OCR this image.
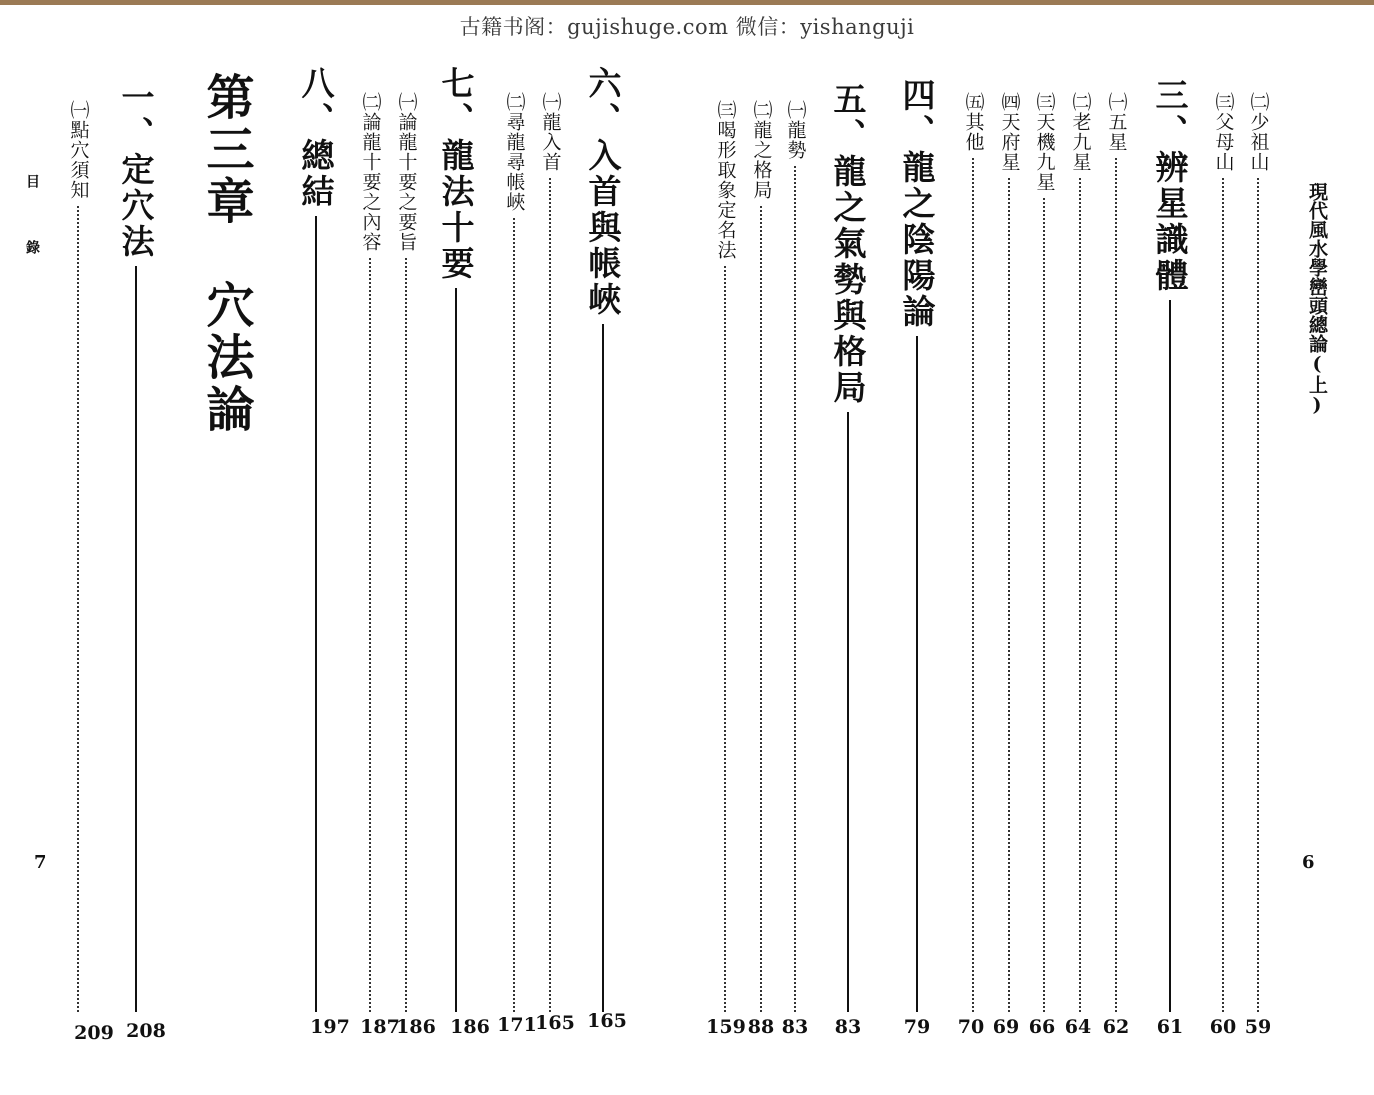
古籍书阁：gujishuge.com 微信：yishanguji
現代風水學巒頭總論(上)
6
㈡少祖山
59
㈢父母山
60
三、辨星識體
61
㈠五星
62
㈡老九星
64
㈢天機九星
66
㈣天府星
69
㈤其他
70
四、龍之陰陽論
79
五、龍之氣勢與格局
83
㈠龍勢
83
㈡龍之格局
88
㈢喝形取象定名法
159
六、入首與帳峽
165
㈠龍入首
165
㈡尋龍尋帳峽
171
七、龍法十要
186
㈠論龍十要之要旨
186
㈡論龍十要之內容
187
八、總結
197
第三章　穴法論
一、定穴法
208
㈠點穴須知
209
目 錄
7
